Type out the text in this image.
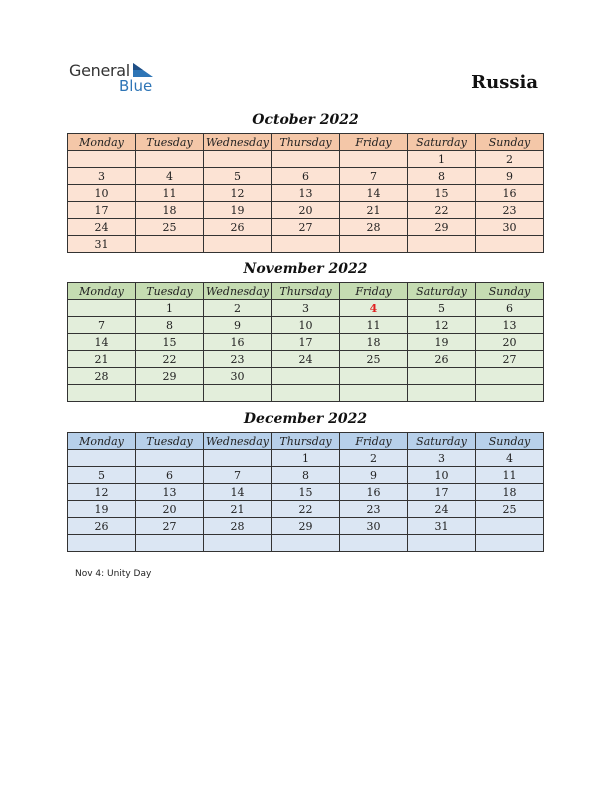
General
Blue	Russia
October 2022
Monday	Tuesday	Wednesday	Thursday	Friday	Saturday	Sunday
					1	2
3	4	5	6	7	8	9
10	11	12	13	14	15	16
17	18	19	20	21	22	23
24	25	26	27	28	29	30
31						
November 2022
Monday	Tuesday	Wednesday	Thursday	Friday	Saturday	Sunday
	1	2	3	4	5	6
7	8	9	10	11	12	13
14	15	16	17	18	19	20
21	22	23	24	25	26	27
28	29	30				

December 2022
Monday	Tuesday	Wednesday	Thursday	Friday	Saturday	Sunday
			1	2	3	4
5	6	7	8	9	10	11
12	13	14	15	16	17	18
19	20	21	22	23	24	25
26	27	28	29	30	31	

Nov 4: Unity Day
